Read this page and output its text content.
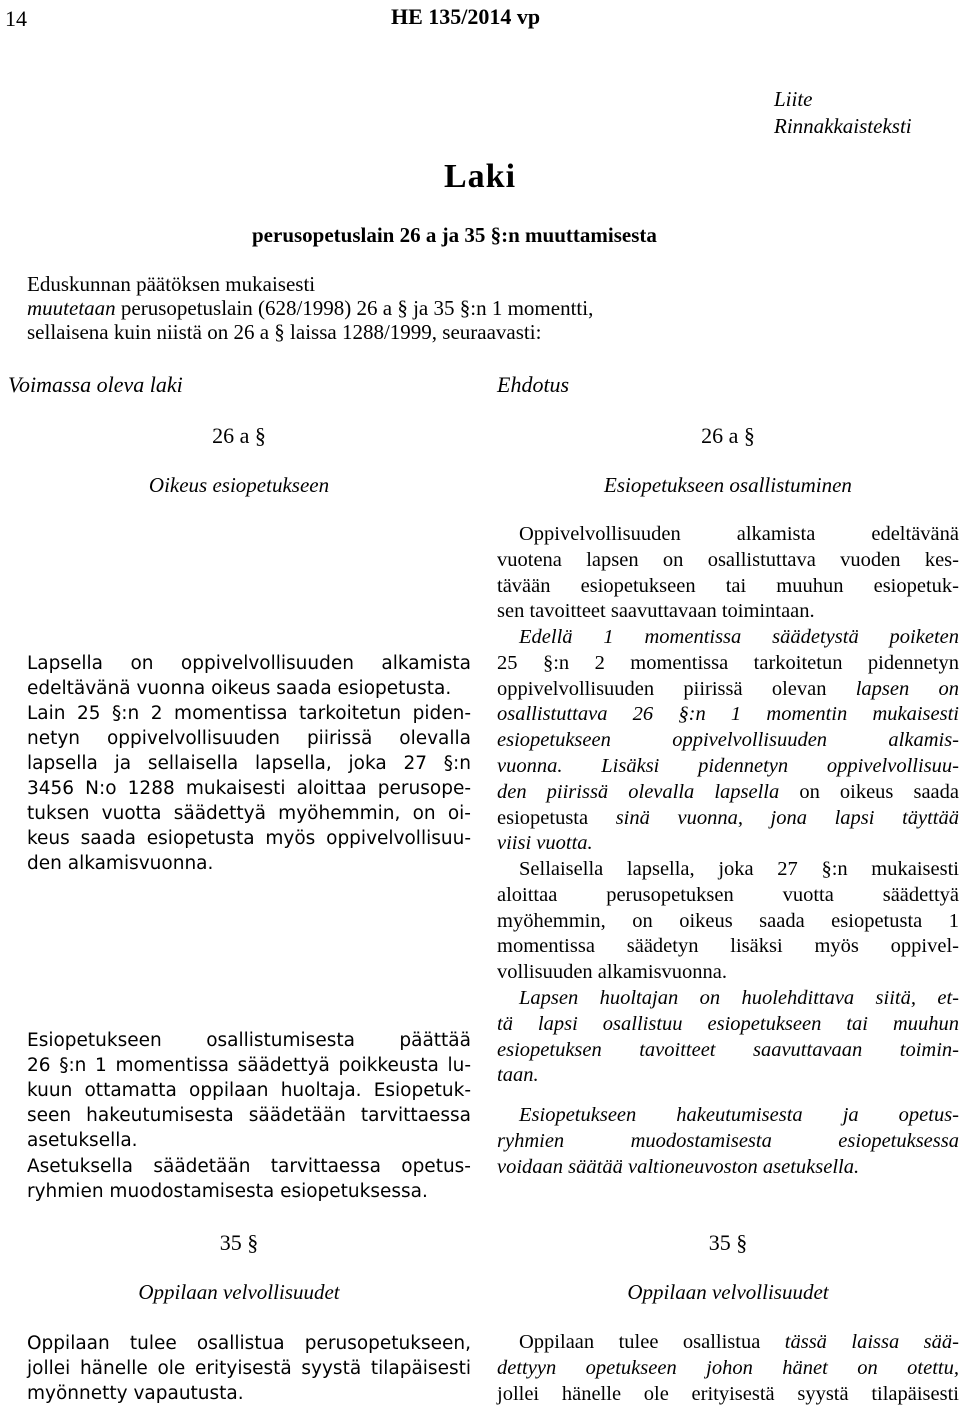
14	HE 135/2014 vp
Liite
Rinnakkaisteksti
Laki
perusopetuslain 26 a ja 35 §:n muuttamisesta
Eduskunnan päätöksen mukaisesti
muutetaan perusopetuslain (628/1998) 26 a § ja 35 §:n 1 momentti,
sellaisena kuin niistä on 26 a § laissa 1288/1999, seuraavasti:
Voimassa oleva laki	Ehdotus
26 a §
Oikeus esiopetukseen
Lapsella on oppivelvollisuuden alkamista
edeltävänä vuonna oikeus saada esiopetusta.
Lain 25 §:n 2 momentissa tarkoitetun piden-
netyn oppivelvollisuuden piirissä olevalla
lapsella ja sellaisella lapsella, joka 27 §:n
3456 N:o 1288 mukaisesti aloittaa perusope-
tuksen vuotta säädettyä myöhemmin, on oi-
keus saada esiopetusta myös oppivelvollisuu-
den alkamisvuonna.
Esiopetukseen osallistumisesta päättää
26 §:n 1 momentissa säädettyä poikkeusta lu-
kuun ottamatta oppilaan huoltaja. Esiopetuk-
seen hakeutumisesta säädetään tarvittaessa
asetuksella.
Asetuksella säädetään tarvittaessa opetus-
ryhmien muodostamisesta esiopetuksessa.
35 §
Oppilaan velvollisuudet
Oppilaan tulee osallistua perusopetukseen,
jollei hänelle ole erityisestä syystä tilapäisesti
myönnetty vapautusta.
26 a §
Esiopetukseen osallistuminen
Oppivelvollisuuden alkamista edeltävänä
vuotena lapsen on osallistuttava vuoden kes-
tävään esiopetukseen tai muuhun esiopetuk-
sen tavoitteet saavuttavaan toimintaan.
Edellä 1 momentissa säädetystä poiketen
25 §:n 2 momentissa tarkoitetun pidennetyn
oppivelvollisuuden piirissä olevan lapsen on
osallistuttava 26 §:n 1 momentin mukaisesti
esiopetukseen oppivelvollisuuden alkamis-
vuonna. Lisäksi pidennetyn oppivelvollisuu-
den piirissä olevalla lapsella on oikeus saada
esiopetusta sinä vuonna, jona lapsi täyttää
viisi vuotta.
Sellaisella lapsella, joka 27 §:n mukaisesti
aloittaa perusopetuksen vuotta säädettyä
myöhemmin, on oikeus saada esiopetusta 1
momentissa säädetyn lisäksi myös oppivel-
vollisuuden alkamisvuonna.
Lapsen huoltajan on huolehdittava siitä, et-
tä lapsi osallistuu esiopetukseen tai muuhun
esiopetuksen tavoitteet saavuttavaan toimin-
taan.
Esiopetukseen hakeutumisesta ja opetus-
ryhmien muodostamisesta esiopetuksessa
voidaan säätää valtioneuvoston asetuksella.
35 §
Oppilaan velvollisuudet
Oppilaan tulee osallistua tässä laissa sää-
dettyyn opetukseen johon hänet on otettu,
jollei hänelle ole erityisestä syystä tilapäisesti
